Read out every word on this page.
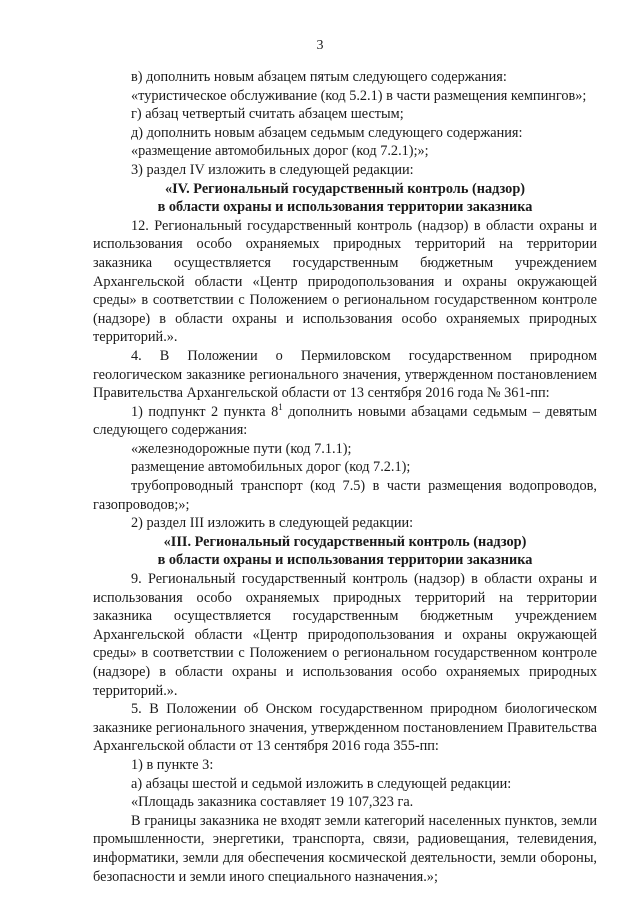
3

в) дополнить новым абзацем пятым следующего содержания:

«туристическое обслуживание (код 5.2.1) в части размещения кемпингов»;

г) абзац четвертый считать абзацем шестым;

д) дополнить новым абзацем седьмым следующего содержания:

«размещение автомобильных дорог (код 7.2.1);»;

3) раздел IV изложить в следующей редакции:

«IV. Региональный государственный контроль (надзор)

в области охраны и использования территории заказника

12. Региональный государственный контроль (надзор) в области охраны и использования особо охраняемых природных территорий на территории заказника осуществляется государственным бюджетным учреждением Архангельской области «Центр природопользования и охраны окружающей среды» в соответствии с Положением о региональном государственном контроле (надзоре) в области охраны и использования особо охраняемых природных территорий.».

4. В Положении о Пермиловском государственном природном геологическом заказнике регионального значения, утвержденном постановлением Правительства Архангельской области от 13 сентября 2016 года № 361-пп:

1) подпункт 2 пункта $8^1$ дополнить новыми абзацами седьмым – девятым следующего содержания:

«железнодорожные пути (код 7.1.1);

размещение автомобильных дорог (код 7.2.1);

трубопроводный транспорт (код 7.5) в части размещения водопроводов, газопроводов;»;

2) раздел III изложить в следующей редакции:

«III. Региональный государственный контроль (надзор)

в области охраны и использования территории заказника

9. Региональный государственный контроль (надзор) в области охраны и использования особо охраняемых природных территорий на территории заказника осуществляется государственным бюджетным учреждением Архангельской области «Центр природопользования и охраны окружающей среды» в соответствии с Положением о региональном государственном контроле (надзоре) в области охраны и использования особо охраняемых природных территорий.».

5. В Положении об Онском государственном природном биологическом заказнике регионального значения, утвержденном постановлением Правительства Архангельской области от 13 сентября 2016 года 355-пп:

1) в пункте 3:

а) абзацы шестой и седьмой изложить в следующей редакции:

«Площадь заказника составляет 19 107,323 га.

В границы заказника не входят земли категорий населенных пунктов, земли промышленности, энергетики, транспорта, связи, радиовещания, телевидения, информатики, земли для обеспечения космической деятельности, земли обороны, безопасности и земли иного специального назначения.»;
